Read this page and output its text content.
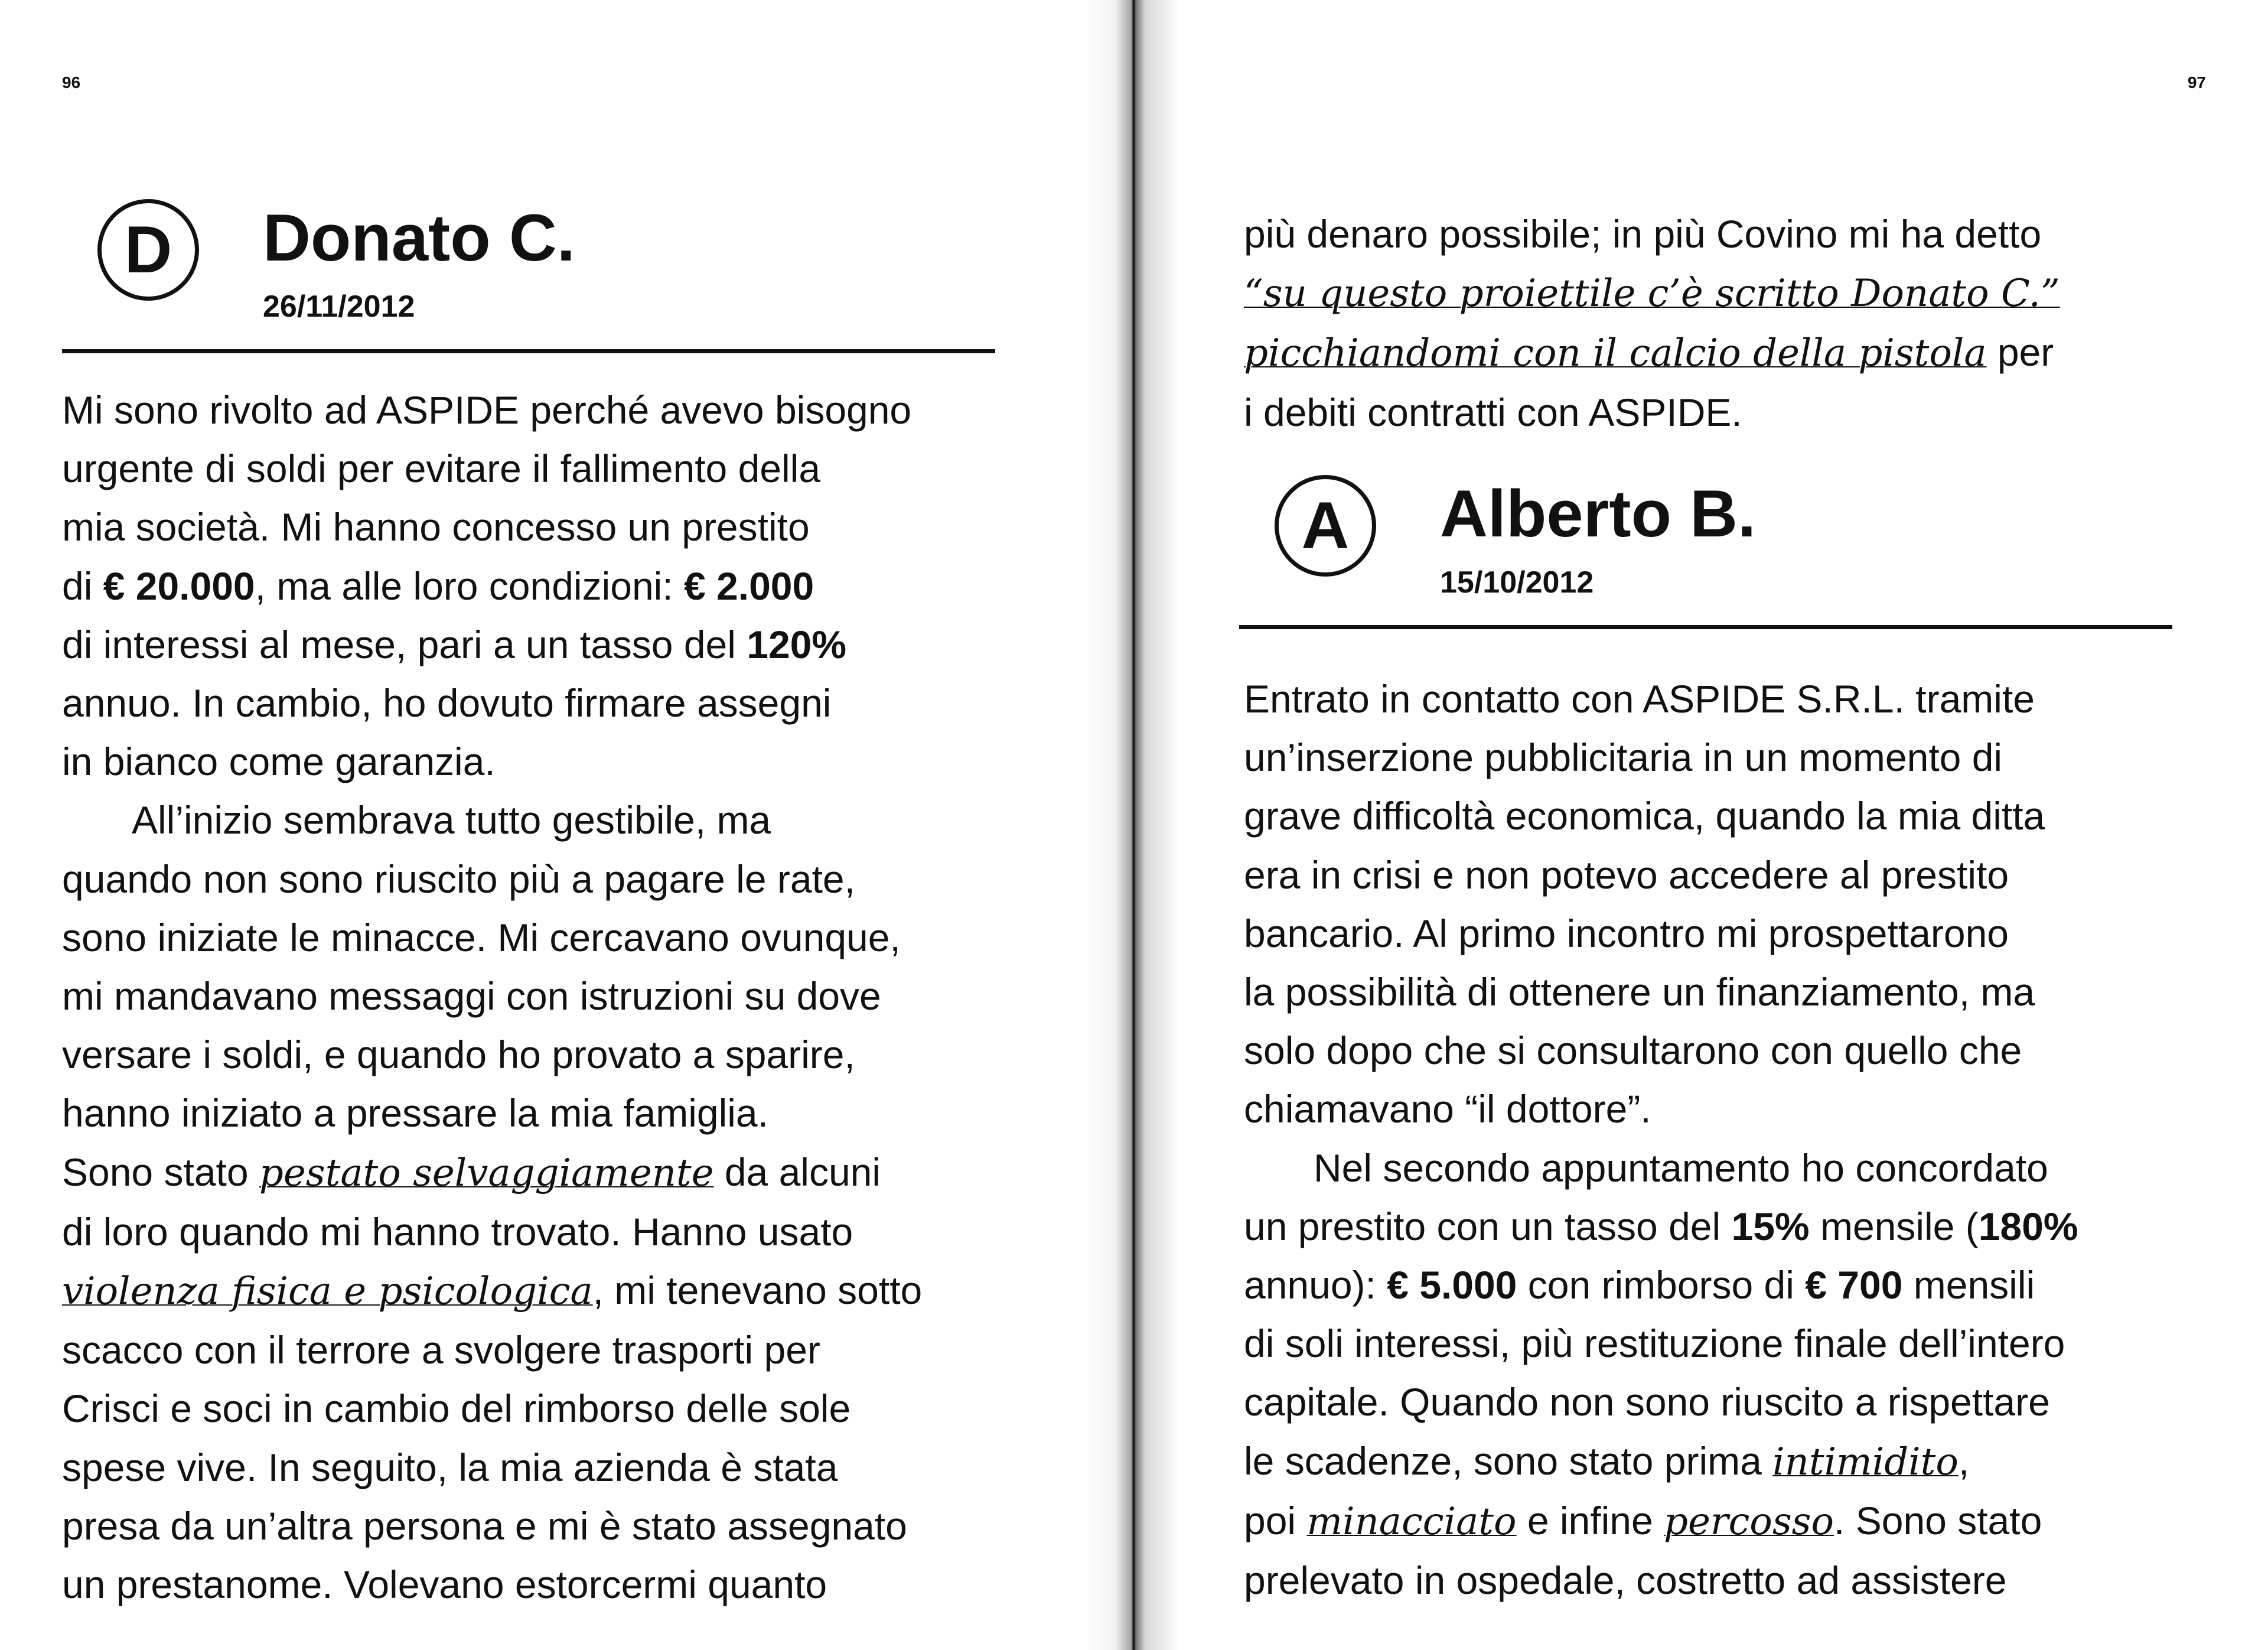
96
D	Donato C.
26/11/2012
Mi sono rivolto ad ASPIDE perché avevo bisogno
urgente di soldi per evitare il fallimento della
mia società. Mi hanno concesso un prestito
di € 20.000, ma alle loro condizioni: € 2.000
di interessi al mese, pari a un tasso del 120%
annuo. In cambio, ho dovuto firmare assegni
in bianco come garanzia.
All’inizio sembrava tutto gestibile, ma
quando non sono riuscito più a pagare le rate,
sono iniziate le minacce. Mi cercavano ovunque,
mi mandavano messaggi con istruzioni su dove
versare i soldi, e quando ho provato a sparire,
hanno iniziato a pressare la mia famiglia.
Sono stato pestato selvaggiamente da alcuni
di loro quando mi hanno trovato. Hanno usato
violenza fisica e psicologica, mi tenevano sotto
scacco con il terrore a svolgere trasporti per
Crisci e soci in cambio del rimborso delle sole
spese vive. In seguito, la mia azienda è stata
presa da un’altra persona e mi è stato assegnato
un prestanome. Volevano estorcermi quanto
97
più denaro possibile; in più Covino mi ha detto
“su questo proiettile c’è scritto Donato C.”
picchiandomi con il calcio della pistola per
i debiti contratti con ASPIDE.
A	Alberto B.
15/10/2012
Entrato in contatto con ASPIDE S.R.L. tramite
un’inserzione pubblicitaria in un momento di
grave difficoltà economica, quando la mia ditta
era in crisi e non potevo accedere al prestito
bancario. Al primo incontro mi prospettarono
la possibilità di ottenere un finanziamento, ma
solo dopo che si consultarono con quello che
chiamavano “il dottore”.
Nel secondo appuntamento ho concordato
un prestito con un tasso del 15% mensile (180%
annuo): € 5.000 con rimborso di € 700 mensili
di soli interessi, più restituzione finale dell’intero
capitale. Quando non sono riuscito a rispettare
le scadenze, sono stato prima intimidito,
poi minacciato e infine percosso. Sono stato
prelevato in ospedale, costretto ad assistere
